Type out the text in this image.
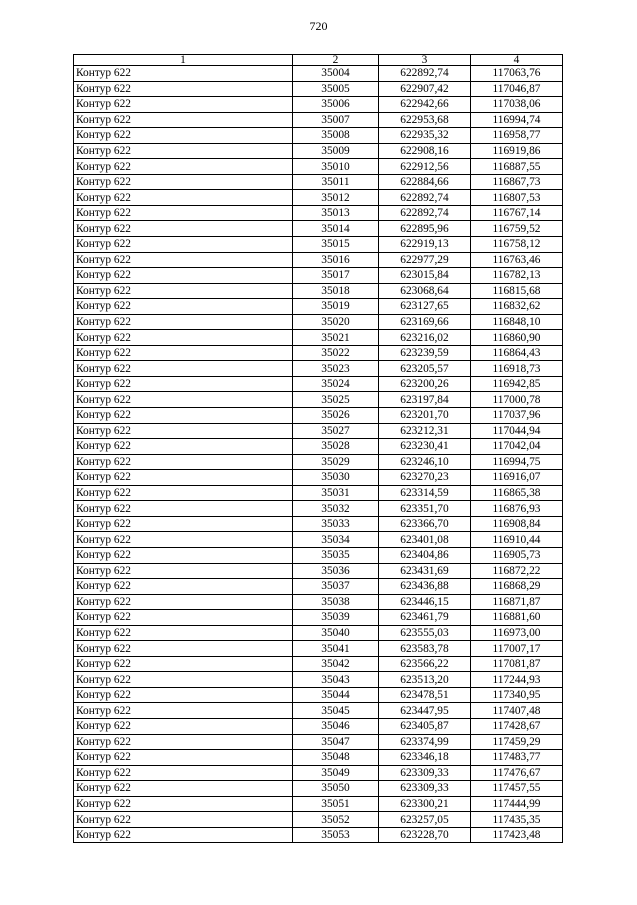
720
1	2	3	4
Контур 622	35004	622892,74	117063,76
Контур 622	35005	622907,42	117046,87
Контур 622	35006	622942,66	117038,06
Контур 622	35007	622953,68	116994,74
Контур 622	35008	622935,32	116958,77
Контур 622	35009	622908,16	116919,86
Контур 622	35010	622912,56	116887,55
Контур 622	35011	622884,66	116867,73
Контур 622	35012	622892,74	116807,53
Контур 622	35013	622892,74	116767,14
Контур 622	35014	622895,96	116759,52
Контур 622	35015	622919,13	116758,12
Контур 622	35016	622977,29	116763,46
Контур 622	35017	623015,84	116782,13
Контур 622	35018	623068,64	116815,68
Контур 622	35019	623127,65	116832,62
Контур 622	35020	623169,66	116848,10
Контур 622	35021	623216,02	116860,90
Контур 622	35022	623239,59	116864,43
Контур 622	35023	623205,57	116918,73
Контур 622	35024	623200,26	116942,85
Контур 622	35025	623197,84	117000,78
Контур 622	35026	623201,70	117037,96
Контур 622	35027	623212,31	117044,94
Контур 622	35028	623230,41	117042,04
Контур 622	35029	623246,10	116994,75
Контур 622	35030	623270,23	116916,07
Контур 622	35031	623314,59	116865,38
Контур 622	35032	623351,70	116876,93
Контур 622	35033	623366,70	116908,84
Контур 622	35034	623401,08	116910,44
Контур 622	35035	623404,86	116905,73
Контур 622	35036	623431,69	116872,22
Контур 622	35037	623436,88	116868,29
Контур 622	35038	623446,15	116871,87
Контур 622	35039	623461,79	116881,60
Контур 622	35040	623555,03	116973,00
Контур 622	35041	623583,78	117007,17
Контур 622	35042	623566,22	117081,87
Контур 622	35043	623513,20	117244,93
Контур 622	35044	623478,51	117340,95
Контур 622	35045	623447,95	117407,48
Контур 622	35046	623405,87	117428,67
Контур 622	35047	623374,99	117459,29
Контур 622	35048	623346,18	117483,77
Контур 622	35049	623309,33	117476,67
Контур 622	35050	623309,33	117457,55
Контур 622	35051	623300,21	117444,99
Контур 622	35052	623257,05	117435,35
Контур 622	35053	623228,70	117423,48
